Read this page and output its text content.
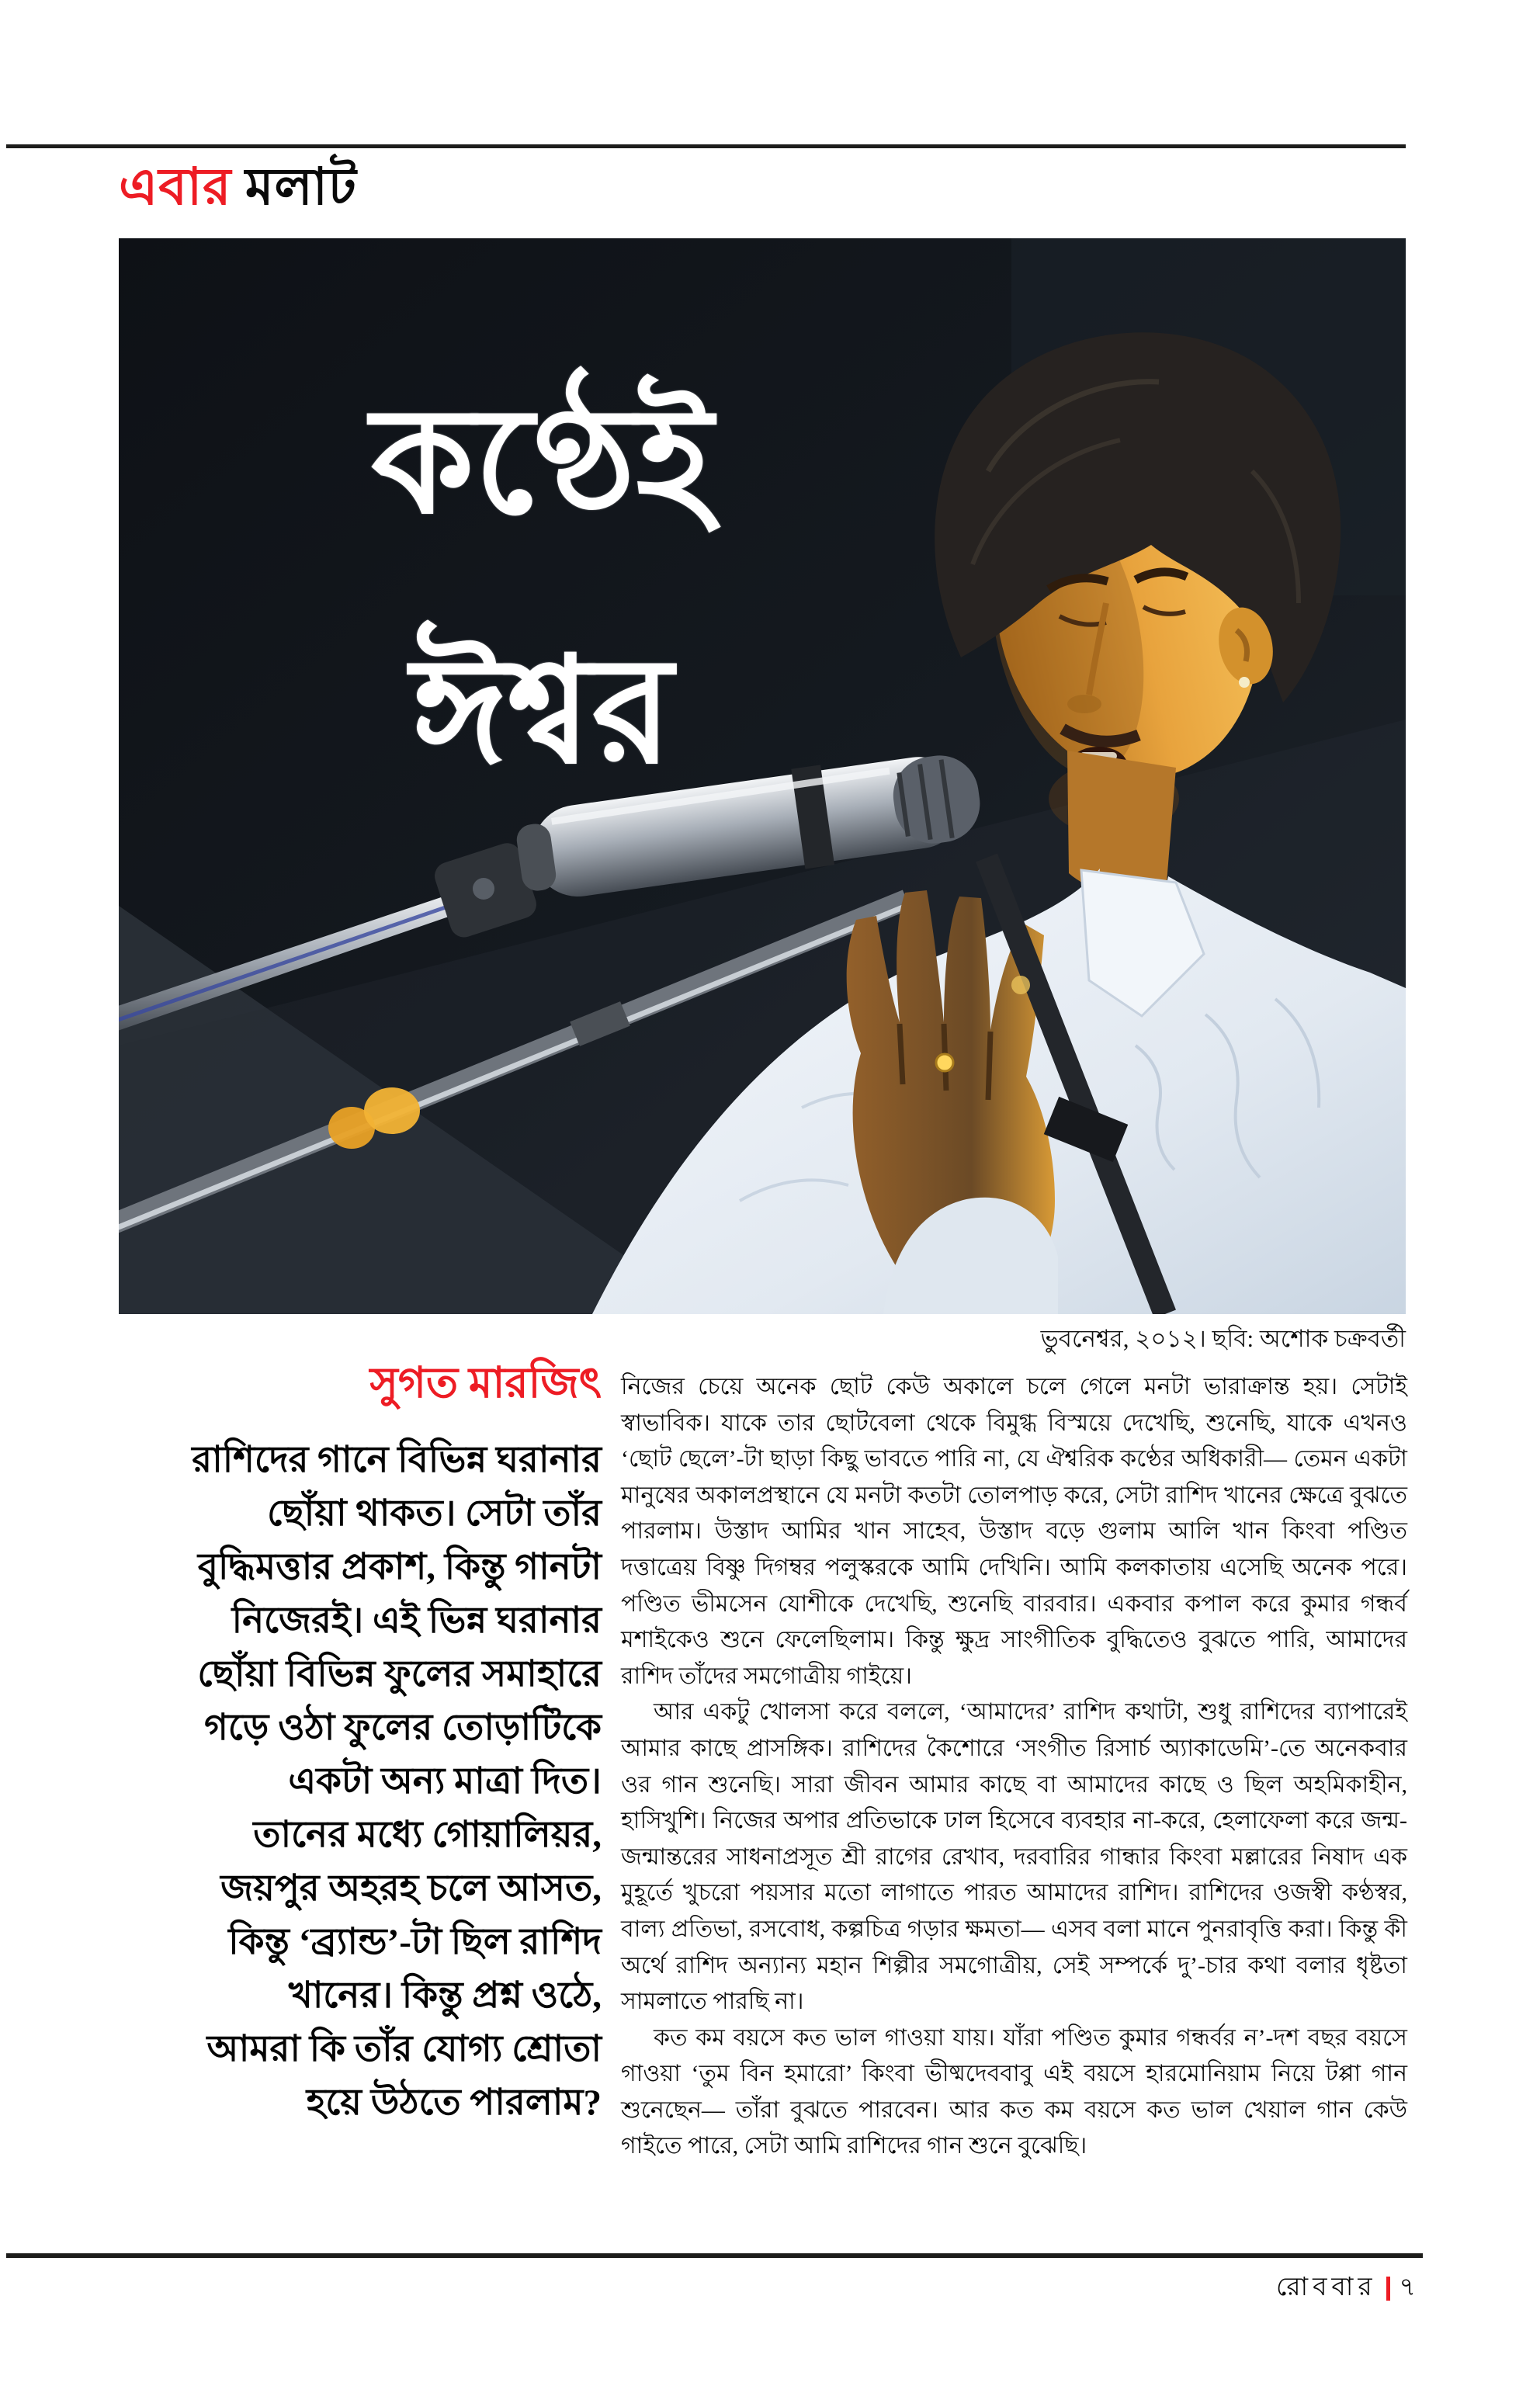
এবার মলাট
কণ্ঠেই
ঈশ্বর
ভুবনেশ্বর, ২০১২। ছবি: অশোক চক্রবর্তী
সুগত মারজিৎ
রাশিদের গানে বিভিন্ন ঘরানার
ছোঁয়া থাকত। সেটা তাঁর
বুদ্ধিমত্তার প্রকাশ, কিন্তু গানটা
নিজেরই। এই ভিন্ন ঘরানার
ছোঁয়া বিভিন্ন ফুলের সমাহারে
গড়ে ওঠা ফুলের তোড়াটিকে
একটা অন্য মাত্রা দিত।
তানের মধ্যে গোয়ালিয়র,
জয়পুর অহরহ চলে আসত,
কিন্তু ‘ব্র্যান্ড’-টা ছিল রাশিদ
খানের। কিন্তু প্রশ্ন ওঠে,
আমরা কি তাঁর যোগ্য শ্রোতা
হয়ে উঠতে পারলাম?

নিজের চেয়ে অনেক ছোট কেউ অকালে চলে গেলে মনটা ভারাক্রান্ত হয়। সেটাই স্বাভাবিক। যাকে তার ছোটবেলা থেকে বিমুগ্ধ বিস্ময়ে দেখেছি, শুনেছি, যাকে এখনও ‘ছোট ছেলে’-টা ছাড়া কিছু ভাবতে পারি না, যে ঐশ্বরিক কণ্ঠের অধিকারী— তেমন একটা মানুষের অকালপ্রস্থানে যে মনটা কতটা তোলপাড় করে, সেটা রাশিদ খানের ক্ষেত্রে বুঝতে পারলাম। উস্তাদ আমির খান সাহেব, উস্তাদ বড়ে গুলাম আলি খান কিংবা পণ্ডিত দত্তাত্রেয় বিষ্ণু দিগম্বর পলুস্করকে আমি দেখিনি। আমি কলকাতায় এসেছি অনেক পরে। পণ্ডিত ভীমসেন যোশীকে দেখেছি, শুনেছি বারবার। একবার কপাল করে কুমার গন্ধর্ব মশাইকেও শুনে ফেলেছিলাম। কিন্তু ক্ষুদ্র সাংগীতিক বুদ্ধিতেও বুঝতে পারি, আমাদের রাশিদ তাঁদের সমগোত্রীয় গাইয়ে।

আর একটু খোলসা করে বললে, ‘আমাদের’ রাশিদ কথাটা, শুধু রাশিদের ব্যাপারেই আমার কাছে প্রাসঙ্গিক। রাশিদের কৈশোরে ‘সংগীত রিসার্চ অ্যাকাডেমি’-তে অনেকবার ওর গান শুনেছি। সারা জীবন আমার কাছে বা আমাদের কাছে ও ছিল অহমিকাহীন, হাসিখুশি। নিজের অপার প্রতিভাকে ঢাল হিসেবে ব্যবহার না-করে, হেলাফেলা করে জন্ম-জন্মান্তরের সাধনাপ্রসূত শ্রী রাগের রেখাব, দরবারির গান্ধার কিংবা মল্লারের নিষাদ এক মুহূর্তে খুচরো পয়সার মতো লাগাতে পারত আমাদের রাশিদ। রাশিদের ওজস্বী কণ্ঠস্বর, বাল্য প্রতিভা, রসবোধ, কল্পচিত্র গড়ার ক্ষমতা— এসব বলা মানে পুনরাবৃত্তি করা। কিন্তু কী অর্থে রাশিদ অন্যান্য মহান শিল্পীর সমগোত্রীয়, সেই সম্পর্কে দু’-চার কথা বলার ধৃষ্টতা সামলাতে পারছি না।

কত কম বয়সে কত ভাল গাওয়া যায়। যাঁরা পণ্ডিত কুমার গন্ধর্বর ন’-দশ বছর বয়সে গাওয়া ‘তুম বিন হমারো’ কিংবা ভীষ্মদেববাবু এই বয়সে হারমোনিয়াম নিয়ে টপ্পা গান শুনেছেন— তাঁরা বুঝতে পারবেন। আর কত কম বয়সে কত ভাল খেয়াল গান কেউ গাইতে পারে, সেটা আমি রাশিদের গান শুনে বুঝেছি।

রোববার ৭
